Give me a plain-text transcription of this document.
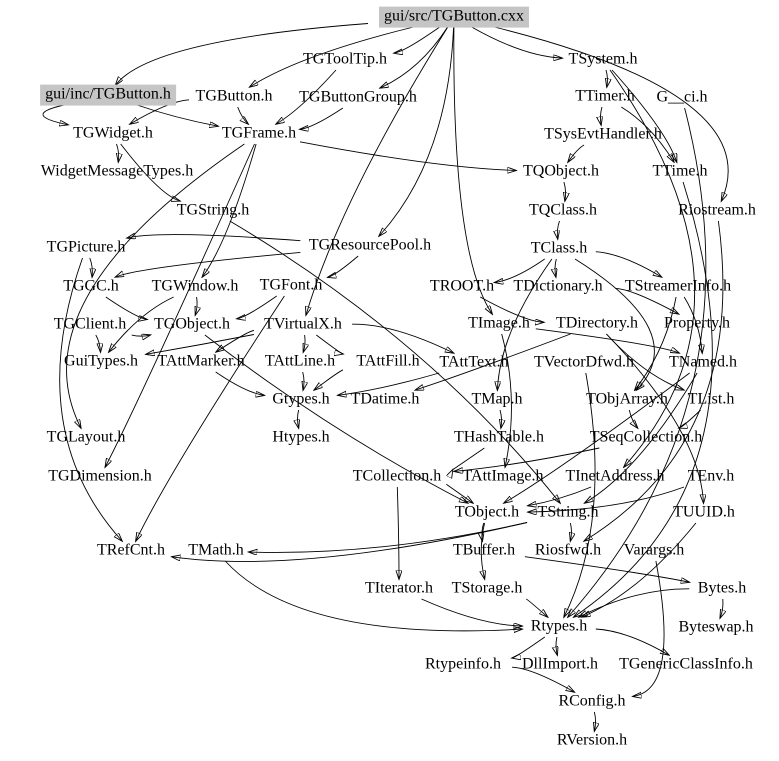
gui/src/TGButton.cxx
TGToolTip.h	TSystem.h
gui/inc/TGButton.h	TGButton.h TGButtonGroup.h	TTimer.h G__ci.h
TGWidget.h	TGFrame.h	TSysEvtHandler.h
WidgetMessageTypes.h	TQObject.h	TTime.h
TGString.h	TQClass.h	Riostream.h
TGPicture.h	TGResourcePool.h	TClass.h
TGGC.h TGWindow.h TGFont.h	TROOT.h TDictionary.h TStreamerInfo.h
TGClient.h TGObject.h TVirtualX.h	TImage.h TDirectory.h Property.h
GuiTypes.h TAttMarker.h TAttLine.h TAttFill.h TAttText.h TVectorDfwd.h TNamed.h
Gtypes.h TDatime.h	TMap.h	TObjArray.h TList.h
TGLayout.h	Htypes.h	THashTable.h	TSeqCollection.h
TGDimension.h	TCollection.h TAttImage.h TInetAddress.h TEnv.h
TObject.h TString.h	TUUID.h
TRefCnt.h TMath.h	TBuffer.h Riosfwd.h Varargs.h
TIterator.h TStorage.h	Bytes.h
Rtypes.h	Byteswap.h
Rtypeinfo.h DllImport.h TGenericClassInfo.h
RConfig.h
RVersion.h
